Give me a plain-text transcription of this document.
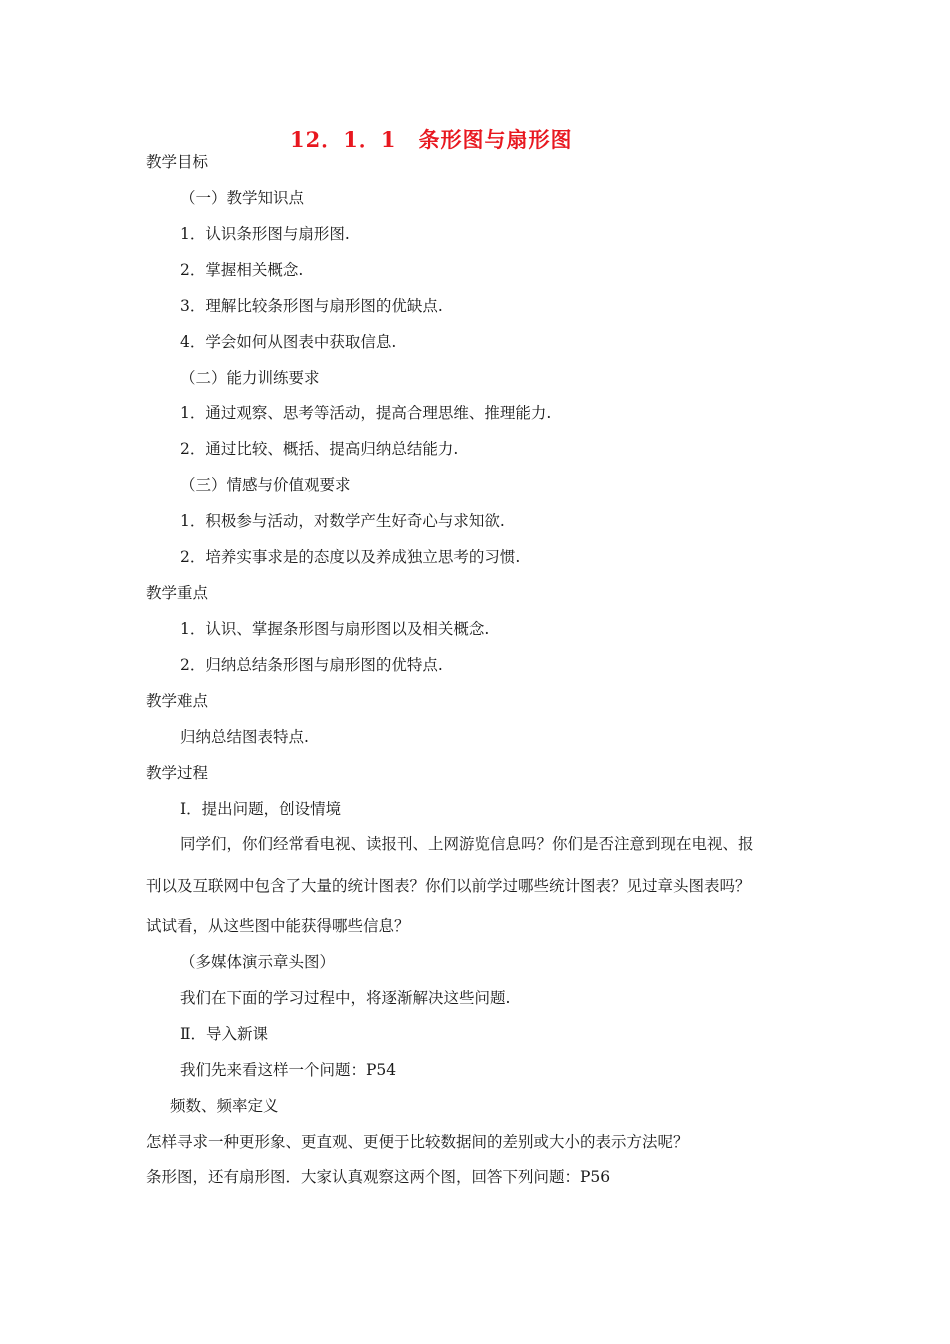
12．1．1　条形图与扇形图
教学目标
（一）教学知识点
1．认识条形图与扇形图.
2．掌握相关概念.
3．理解比较条形图与扇形图的优缺点.
4．学会如何从图表中获取信息.
（二）能力训练要求
1．通过观察、思考等活动，提高合理思维、推理能力.
2．通过比较、概括、提高归纳总结能力.
（三）情感与价值观要求
1．积极参与活动，对数学产生好奇心与求知欲.
2．培养实事求是的态度以及养成独立思考的习惯.
教学重点
1．认识、掌握条形图与扇形图以及相关概念.
2．归纳总结条形图与扇形图的优特点.
教学难点
归纳总结图表特点.
教学过程
Ⅰ．提出问题，创设情境
同学们，你们经常看电视、读报刊、上网游览信息吗？你们是否注意到现在电视、报
刊以及互联网中包含了大量的统计图表？你们以前学过哪些统计图表？见过章头图表吗？
试试看，从这些图中能获得哪些信息？
（多媒体演示章头图）
我们在下面的学习过程中，将逐渐解决这些问题.
Ⅱ．导入新课
我们先来看这样一个问题：P54
频数、频率定义
怎样寻求一种更形象、更直观、更便于比较数据间的差别或大小的表示方法呢？
条形图，还有扇形图．大家认真观察这两个图，回答下列问题：P56
